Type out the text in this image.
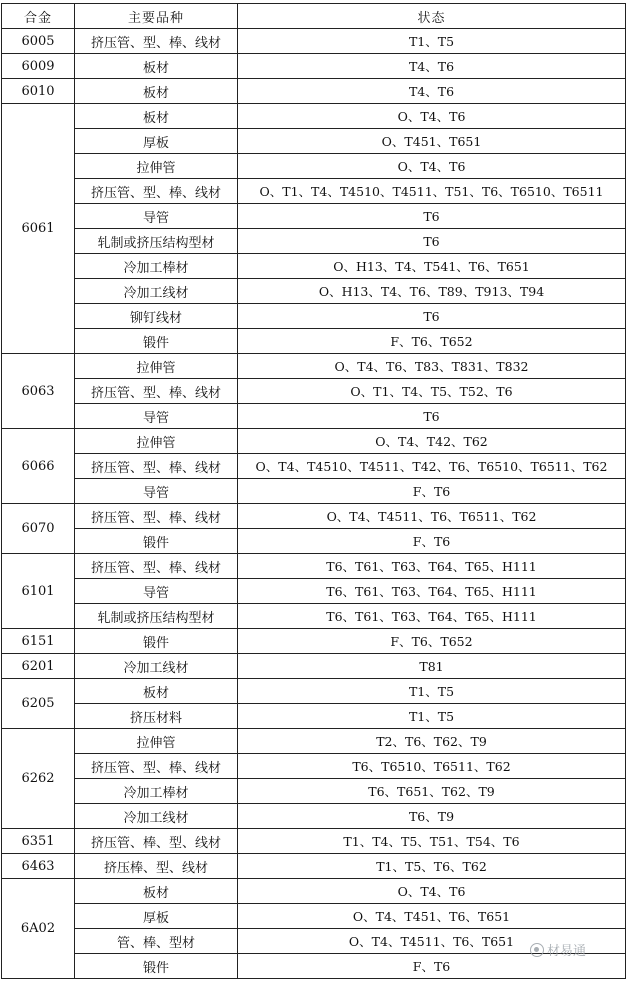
合金	主要品种	状态
6005	挤压管、型、棒、线材	T1、T5
6009	板材	T4、T6
6010	板材	T4、T6
6061	板材	O、T4、T6
	厚板	O、T451、T651
	拉伸管	O、T4、T6
	挤压管、型、棒、线材	O、T1、T4、T4510、T4511、T51、T6、T6510、T6511
	导管	T6
	轧制或挤压结构型材	T6
	冷加工棒材	O、H13、T4、T541、T6、T651
	冷加工线材	O、H13、T4、T6、T89、T913、T94
	铆钉线材	T6
	锻件	F、T6、T652
6063	拉伸管	O、T4、T6、T83、T831、T832
	挤压管、型、棒、线材	O、T1、T4、T5、T52、T6
	导管	T6
6066	拉伸管	O、T4、T42、T62
	挤压管、型、棒、线材	O、T4、T4510、T4511、T42、T6、T6510、T6511、T62
	导管	F、T6
6070	挤压管、型、棒、线材	O、T4、T4511、T6、T6511、T62
	锻件	F、T6
6101	挤压管、型、棒、线材	T6、T61、T63、T64、T65、H111
	导管	T6、T61、T63、T64、T65、H111
	轧制或挤压结构型材	T6、T61、T63、T64、T65、H111
6151	锻件	F、T6、T652
6201	冷加工线材	T81
6205	板材	T1、T5
	挤压材料	T1、T5
6262	拉伸管	T2、T6、T62、T9
	挤压管、型、棒、线材	T6、T6510、T6511、T62
	冷加工棒材	T6、T651、T62、T9
	冷加工线材	T6、T9
6351	挤压管、棒、型、线材	T1、T4、T5、T51、T54、T6
6463	挤压棒、型、线材	T1、T5、T6、T62
6A02	板材	O、T4、T6
	厚板	O、T4、T451、T6、T651
	管、棒、型材	O、T4、T4511、T6、T651
	锻件	F、T6
材易通
